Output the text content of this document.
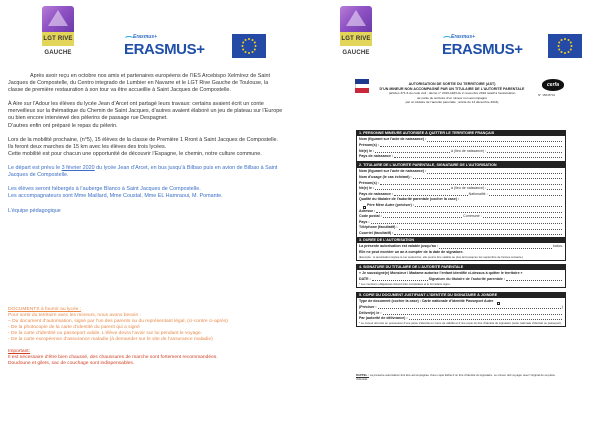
LGT RIVE GAUCHE
Erasmus+
ERASMUS+

Après avoir reçu en octobre nos amis et partenaires européens de l’IES Arcebispo Xelmírez de Saint Jacques de Compostelle, du Centro integrado de Lumbier en Navarre et le LGT Rive Gauche de Toulouse, la classe de première restauration à son tour va être accueillie à Saint Jacques de Compostelle.

À Aire sur l’Adour les élèves du lycée Jean d’Arcet ont partagé leurs travaux: certains avaient écrit un conte merveilleux sur la thématique du Chemin de Saint Jacques, d’autres avaient élaboré un jeu de plateau sur l’Europe ou bien encore interviewé des pèlerins de passage rue Despagnet.

D’autres enfin ont préparé le repas du pèlerin.

Lors de la mobilité prochaine, (n°5), 15 élèves de la classe de Première 1 Rront à Saint Jacques de Compostelle. Ils feront deux marches de 15 km avec les élèves des trois lycées.

Cette mobilité est pour chacun une opportunité de découvrir l’Espagne, le chemin, notre culture commune.

Le départ est prévu le 3 février 2020 du lycée Jean d’Arcet, en bus jusqu’à Bilbao puis en avion de Bilbao à Saint Jacques de Compostelle.

Les élèves seront hébergés à l’auberge Blanco à Saint Jacques de Compostelle.

Les accompagnateurs sont Mme Maillard, Mme Coustal, Mme EL Hamraoui, M. Pomante.

L’équipe pédagogique

DOCUMENTS à fournir au lycée :
Pour sortir du territoire avec les mineurs, nous avons besoin :
– Du document d’autorisation, signé par l’un des parents ou du représentant légal, (ci-contre ci-après)
- De la photocopie de la carte d’identité du parent qui a signé
- De la carte d’identité ou passeport valide. L’élève devra l’avoir sur lui pendant le voyage.
- De la carte européenne d’assurance maladie (à demander sur le site de l’assurance maladie)
Important:
Il est nécessaire d’être bien chaussé, des chaussures de marche sont fortement recommandées.
Doudoune et gilets, sac de couchage sont indispensables.
LGT RIVE GAUCHE
Erasmus+
ERASMUS+
AUTORISATION DE SORTIE DU TERRITOIRE (AST)
D’UN MINEUR NON ACCOMPAGNÉ PAR UN TITULAIRE DE L’AUTORITÉ PARENTALE
(articles 371-6 du code civil ; décret n° 2016-1483 du 2 novembre 2016 relatif à l’autorisation
de sortie du territoire d’un mineur non accompagné
par un titulaire de l’autorité parentale ; arrêté du 13 décembre 2016)
cerfa
N° 15646*01
1. PERSONNE MINEURE AUTORISÉE À QUITTER LE TERRITOIRE FRANÇAIS
Nom (figurant sur l’acte de naissance) :
Prénom(s) :
Né(e) le :	à (lieu de naissance) :
Pays de naissance :
2. TITULAIRE DE L’AUTORITÉ PARENTALE, SIGNATAIRE DE L’AUTORISATION
Nom (figurant sur l’acte de naissance) :
Nom d’usage (le cas échéant) :
Prénom(s) :
Né(e) le :	à (lieu de naissance) :
Pays de naissance :	Nationalité :
Qualité du titulaire de l’autorité parentale (cocher la case) :
Père Mère Autre (préciser) :
Adresse :
Code postal :	Commune :
Pays :
Téléphone (facultatif) :
Courriel (facultatif) :
3. DURÉE DE L’AUTORISATION
La présente autorisation est valable jusqu’au :	inclus.
Elle ne peut excéder un an à compter de la date de signature.
(Exemple : si autorisation signée le 1er septembre, elle pourra être valable au plus tard jusqu’au 1er septembre de l’année suivante.)
4. SIGNATURE DU TITULAIRE DE L’AUTORITÉ PARENTALE
« Je soussigné(e) Monsieur / Madame autorise l’enfant identifié ci-dessus à quitter le territoire »
DATE :	Signature du titulaire de l’autorité parentale :
* Les mentions obligatoires doivent être complétées et le formulaire signé.
5. COPIE DU DOCUMENT JUSTIFIANT L’IDENTITÉ DU SIGNATAIRE À JOINDRE
Type de document (cocher la case) : Carte nationale d’identité Passeport Autre
(Préciser :	)
Délivré(e) le :
Par (autorité de délivrance) :
* Le mineur doit être en possession d’une pièce d’identité en cours de validité et d’une copie du titre d’identité du signataire (carte nationale d’identité ou passeport).
RAPPEL : La présente autorisation doit être accompagnée d’une copie lisible d’un titre d’identité du signataire. Le mineur doit voyager avec l’original de sa pièce d’identité.
